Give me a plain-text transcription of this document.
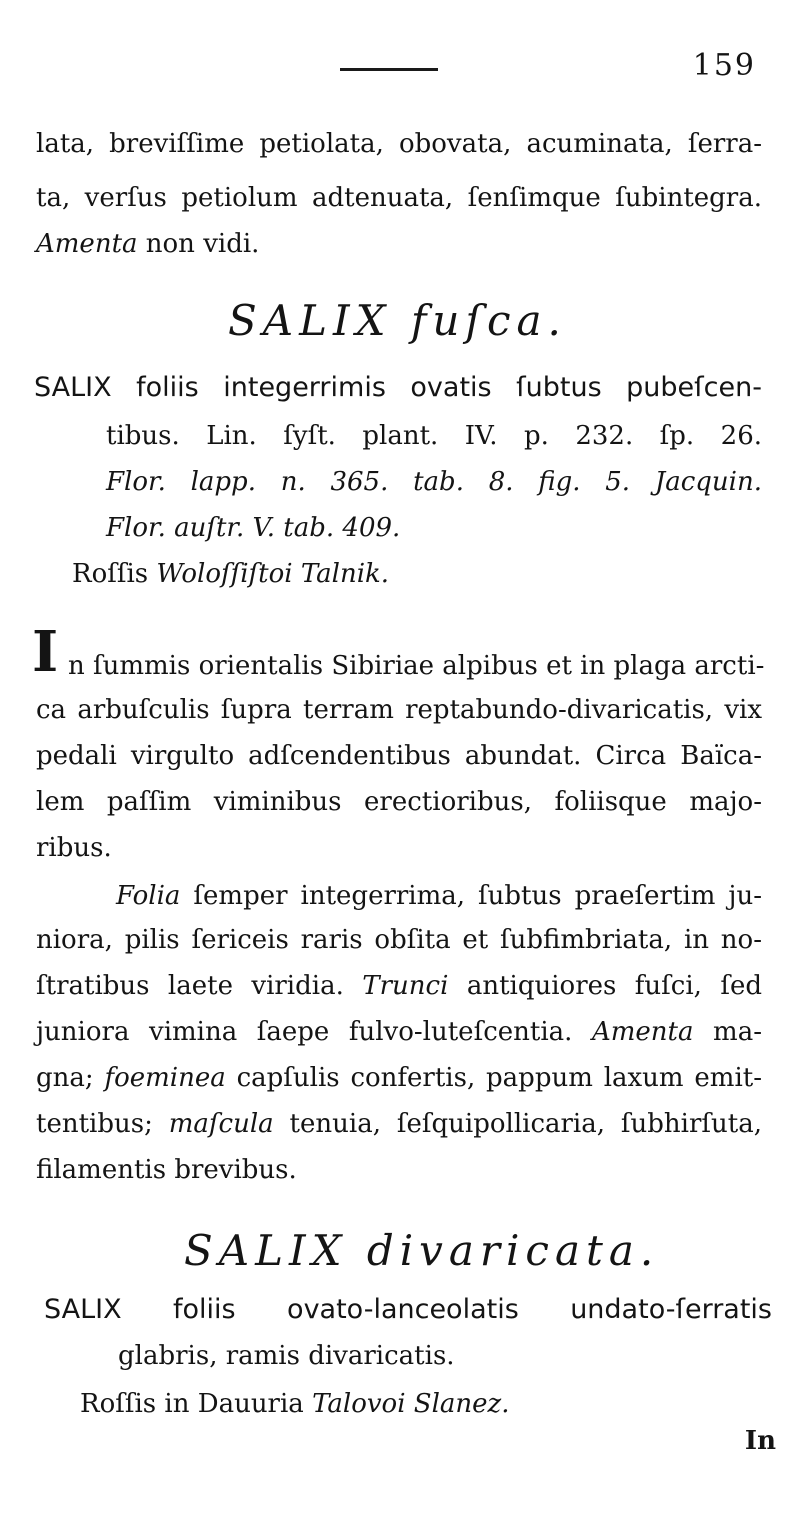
159
lata, breviſſime petiolata, obovata, acuminata, ſerra-
ta, verſus petiolum adtenuata, ſenſimque ſubintegra.
Amenta non vidi.
SALIX fuſca.
SALIX foliis integerrimis ovatis ſubtus pubeſcen-
tibus. Lin. ſyſt. plant. IV. p. 232. ſp. 26.
Flor. lapp. n. 365. tab. 8. fig. 5. Jacquin.
Flor. auſtr. V. tab. 409.
Roſſis Woloſſiſtoi Talnik.
I n ſummis orientalis Sibiriae alpibus et in plaga arcti-
ca arbuſculis ſupra terram reptabundo-divaricatis, vix
pedali virgulto adſcendentibus abundat. Circa Baïca-
lem paſſim viminibus erectioribus, foliisque majo-
ribus.
Folia ſemper integerrima, ſubtus praeſertim ju-
niora, pilis ſericeis raris obſita et ſubfimbriata, in no-
ſtratibus laete viridia. Trunci antiquiores fuſci, ſed
juniora vimina ſaepe fulvo-luteſcentia. Amenta ma-
gna; foeminea capſulis confertis, pappum laxum emit-
tentibus; maſcula tenuia, ſeſquipollicaria, ſubhirſuta,
filamentis brevibus.
SALIX divaricata.
SALIX foliis ovato-lanceolatis undato-ſerratis
glabris, ramis divaricatis.
Roſſis in Dauuria Talovoi Slanez.
In
